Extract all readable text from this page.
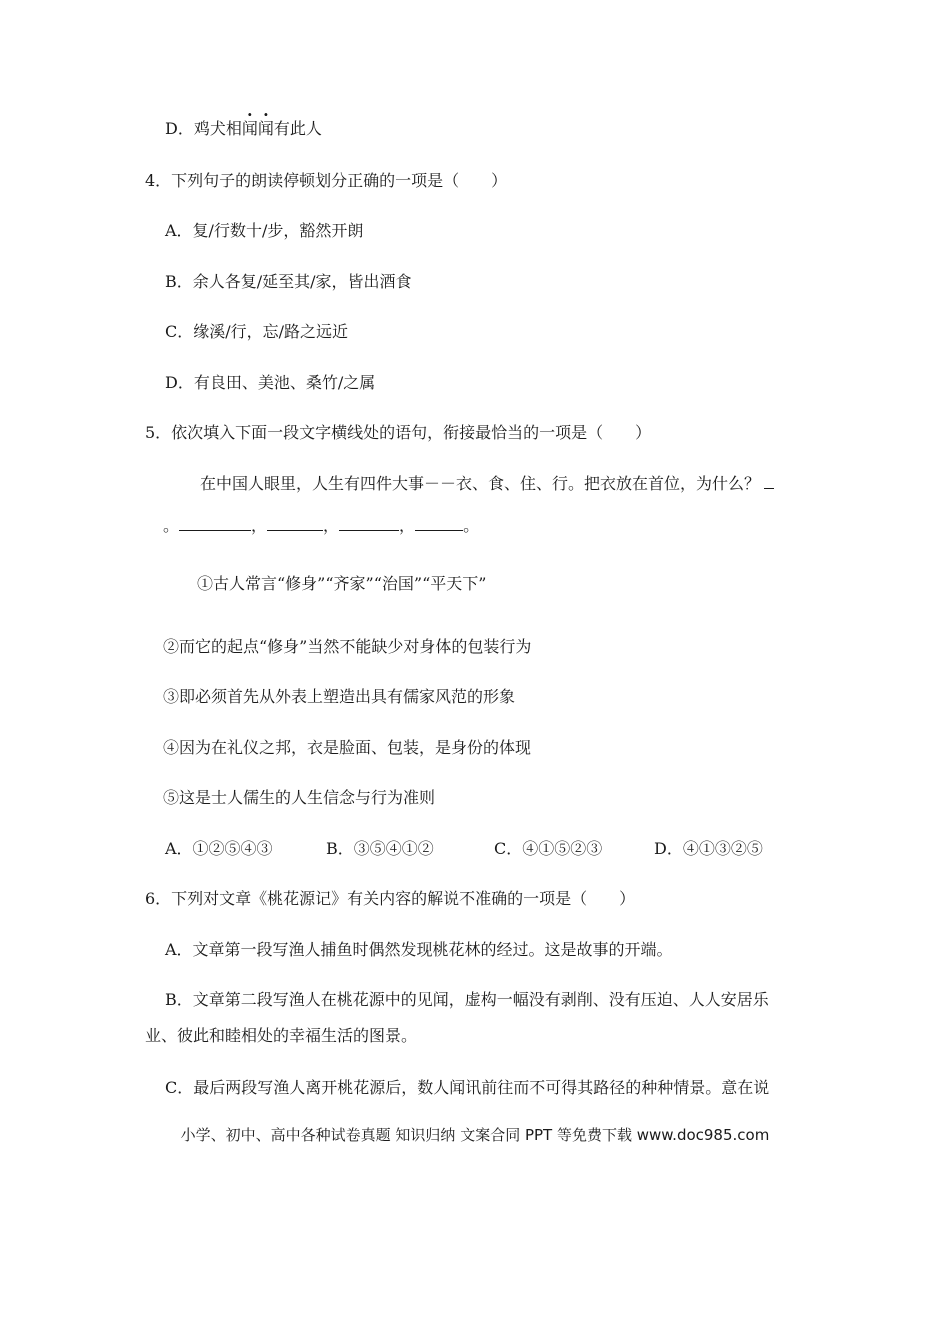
D．鸡犬相闻闻有此人
4．下列句子的朗读停顿划分正确的一项是（　　）
A．复/行数十/步，豁然开朗
B．余人各复/延至其/家，皆出酒食
C．缘溪/行，忘/路之远近
D．有良田、美池、桑竹/之属
5．依次填入下面一段文字横线处的语句，衔接最恰当的一项是（　　）
在中国人眼里，人生有四件大事－－衣、食、住、行。把衣放在首位，为什么？
。	，	，	，	。
①古人常言“修身”“齐家”“治国”“平天下”
②而它的起点“修身”当然不能缺少对身体的包装行为
③即必须首先从外表上塑造出具有儒家风范的形象
④因为在礼仪之邦，衣是脸面、包装，是身份的体现
⑤这是士人儒生的人生信念与行为准则
A．①②⑤④③	B．③⑤④①②	C．④①⑤②③	D．④①③②⑤
6．下列对文章《桃花源记》有关内容的解说不准确的一项是（　　）
A．文章第一段写渔人捕鱼时偶然发现桃花林的经过。这是故事的开端。
B．文章第二段写渔人在桃花源中的见闻，虚构一幅没有剥削、没有压迫、人人安居乐
业、彼此和睦相处的幸福生活的图景。
C．最后两段写渔人离开桃花源后，数人闻讯前往而不可得其路径的种种情景。意在说
小学、初中、高中各种试卷真题 知识归纳 文案合同 PPT 等免费下载 www.doc985.com
